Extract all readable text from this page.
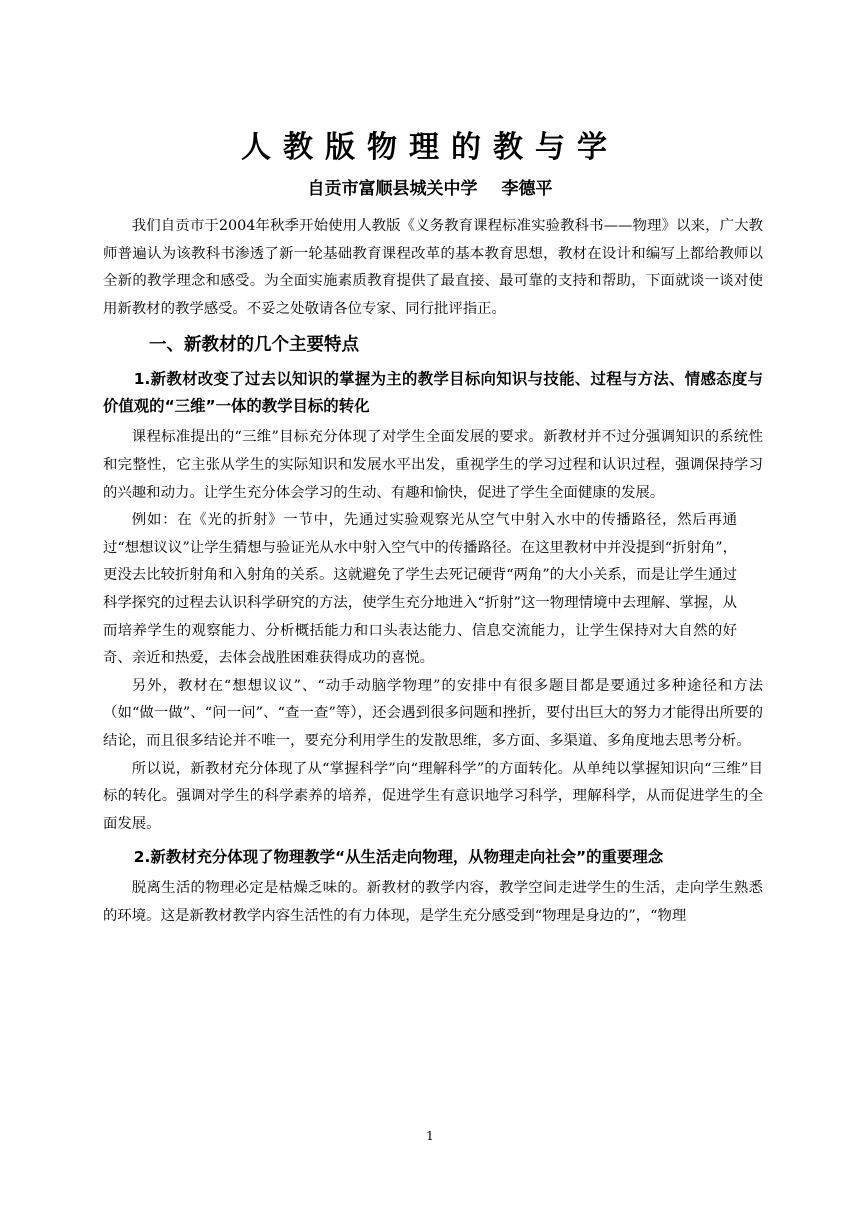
人教版物理的教与学
自贡市富顺县城关中学 李德平

我们自贡市于2004年秋季开始使用人教版《义务教育课程标准实验教科书——物理》以来，广大教师普遍认为该教科书渗透了新一轮基础教育课程改革的基本教育思想，教材在设计和编写上都给教师以全新的教学理念和感受。为全面实施素质教育提供了最直接、最可靠的支持和帮助，下面就谈一谈对使用新教材的教学感受。不妥之处敬请各位专家、同行批评指正。

一、新教材的几个主要特点
1.新教材改变了过去以知识的掌握为主的教学目标向知识与技能、过程与方法、情感态度与价值观的“三维”一体的教学目标的转化

课程标准提出的“三维”目标充分体现了对学生全面发展的要求。新教材并不过分强调知识的系统性和完整性，它主张从学生的实际知识和发展水平出发，重视学生的学习过程和认识过程，强调保持学习的兴趣和动力。让学生充分体会学习的生动、有趣和愉快，促进了学生全面健康的发展。

例如：在《光的折射》一节中，先通过实验观察光从空气中射入水中的传播路径，然后再通过“想想议议”让学生猜想与验证光从水中射入空气中的传播路径。在这里教材中并没提到“折射角”，更没去比较折射角和入射角的关系。这就避免了学生去死记硬背“两角”的大小关系，而是让学生通过科学探究的过程去认识科学研究的方法，使学生充分地进入“折射”这一物理情境中去理解、掌握，从而培养学生的观察能力、分析概括能力和口头表达能力、信息交流能力，让学生保持对大自然的好奇、亲近和热爱，去体会战胜困难获得成功的喜悦。

另外，教材在“想想议议”、“动手动脑学物理”的安排中有很多题目都是要通过多种途径和方法（如“做一做”、“问一问”、“查一查”等），还会遇到很多问题和挫折，要付出巨大的努力才能得出所要的结论，而且很多结论并不唯一，要充分利用学生的发散思维，多方面、多渠道、多角度地去思考分析。

所以说，新教材充分体现了从“掌握科学”向“理解科学”的方面转化。从单纯以掌握知识向“三维”目标的转化。强调对学生的科学素养的培养，促进学生有意识地学习科学，理解科学，从而促进学生的全面发展。

2.新教材充分体现了物理教学“从生活走向物理，从物理走向社会”的重要理念

脱离生活的物理必定是枯燥乏味的。新教材的教学内容，教学空间走进学生的生活，走向学生熟悉的环境。这是新教材教学内容生活性的有力体现，是学生充分感受到“物理是身边的”，“物理

1
